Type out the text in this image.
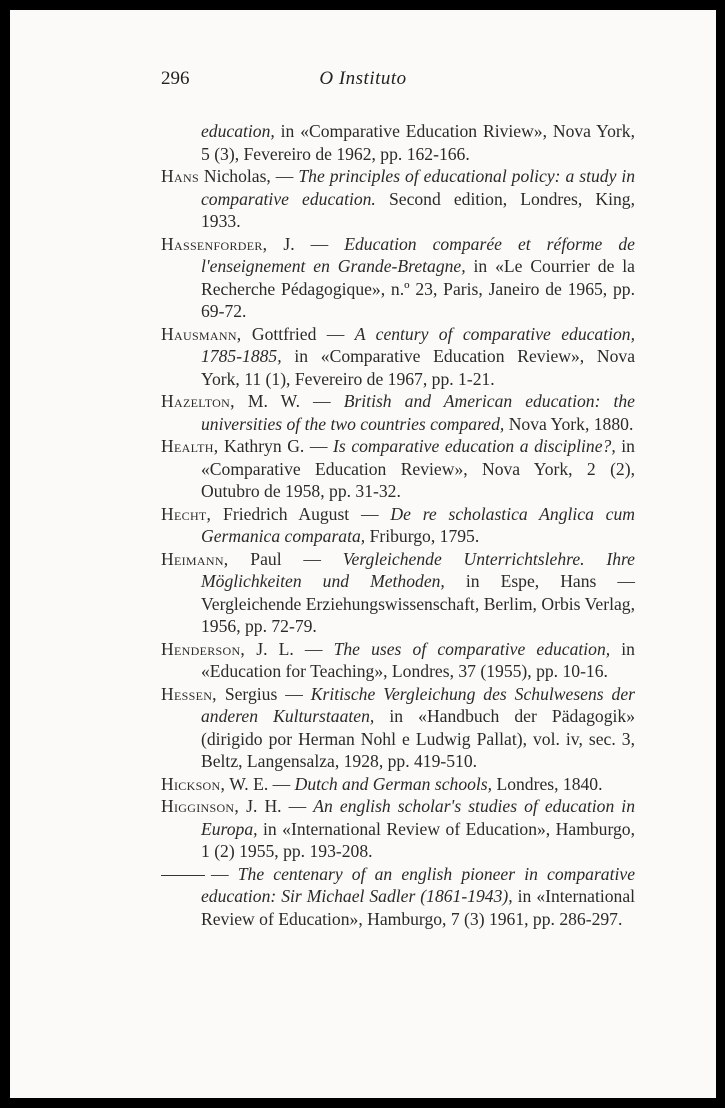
296	O Instituto

education, in «Comparative Education Riview», Nova York, 5 (3), Fevereiro de 1962, pp. 162-166.

Hans Nicholas, — The principles of educational policy: a study in comparative education. Second edition, Londres, King, 1933.

Hassenforder, J. — Education comparée et réforme de l'enseignement en Grande-Bretagne, in «Le Courrier de la Recherche Pédagogique», n.º 23, Paris, Janeiro de 1965, pp. 69-72.

Hausmann, Gottfried — A century of comparative education, 1785-1885, in «Comparative Education Review», Nova York, 11 (1), Fevereiro de 1967, pp. 1-21.

Hazelton, M. W. — British and American education: the universities of the two countries compared, Nova York, 1880.

Health, Kathryn G. — Is comparative education a discipline?, in «Comparative Education Review», Nova York, 2 (2), Outubro de 1958, pp. 31-32.

Hecht, Friedrich August — De re scholastica Anglica cum Germanica comparata, Friburgo, 1795.

Heimann, Paul — Vergleichende Unterrichtslehre. Ihre Möglichkeiten und Methoden, in Espe, Hans — Vergleichende Erziehungswissenschaft, Berlim, Orbis Verlag, 1956, pp. 72-79.

Henderson, J. L. — The uses of comparative education, in «Education for Teaching», Londres, 37 (1955), pp. 10-16.

Hessen, Sergius — Kritische Vergleichung des Schulwesens der anderen Kulturstaaten, in «Handbuch der Pädagogik» (dirigido por Herman Nohl e Ludwig Pallat), vol. iv, sec. 3, Beltz, Langensalza, 1928, pp. 419-510.

Hickson, W. E. — Dutch and German schools, Londres, 1840.

Higginson, J. H. — An english scholar's studies of education in Europa, in «International Review of Education», Hamburgo, 1 (2) 1955, pp. 193-208.

— The centenary of an english pioneer in comparative education: Sir Michael Sadler (1861-1943), in «International Review of Education», Hamburgo, 7 (3) 1961, pp. 286-297.
